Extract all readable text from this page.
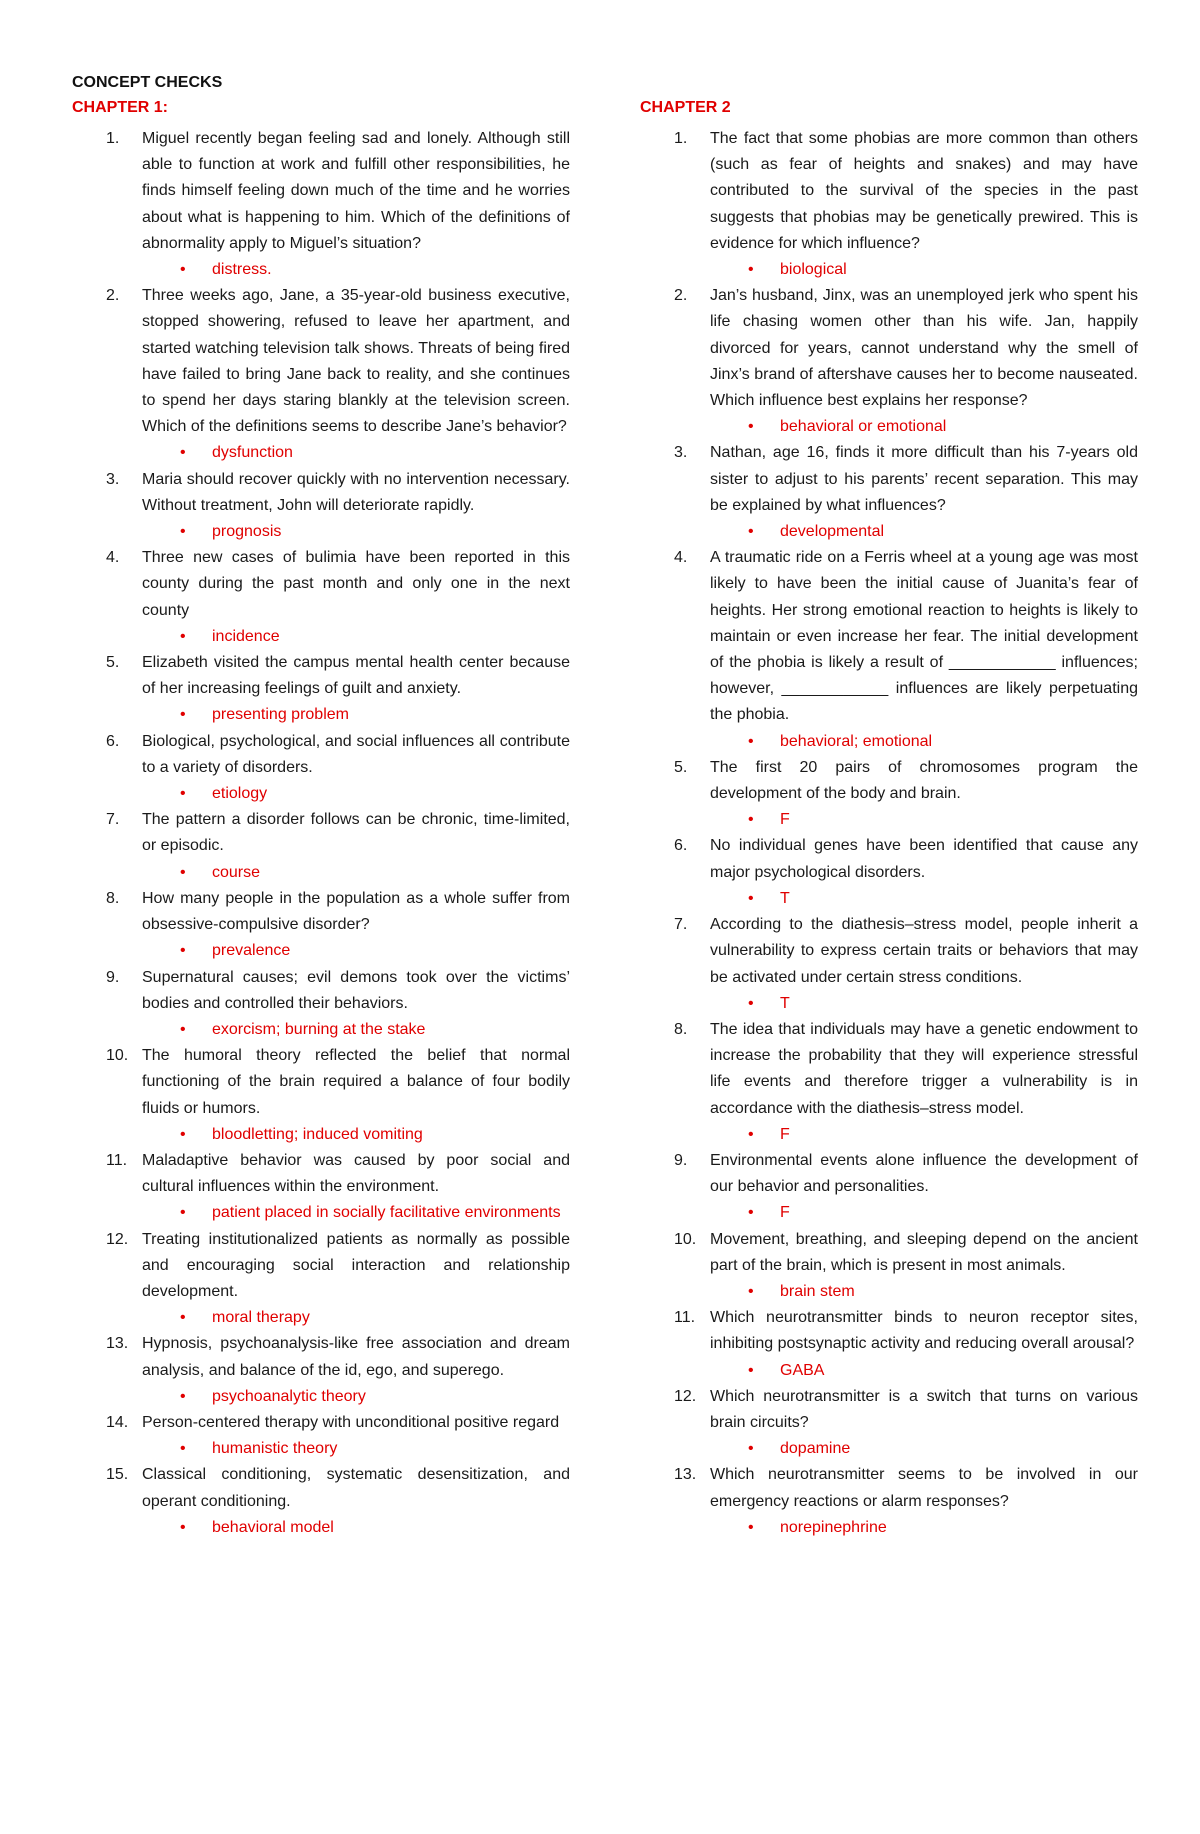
CONCEPT CHECKS
CHAPTER 1:
1.	Miguel recently began feeling sad and lonely. Although still able to function at work and fulfill other responsibilities, he finds himself feeling down much of the time and he worries about what is happening to him. Which of the definitions of abnormality apply to Miguel’s situation?
• distress.
2.	Three weeks ago, Jane, a 35-year-old business executive, stopped showering, refused to leave her apartment, and started watching television talk shows. Threats of being fired have failed to bring Jane back to reality, and she continues to spend her days staring blankly at the television screen. Which of the definitions seems to describe Jane’s behavior?
• dysfunction
3.	Maria should recover quickly with no intervention necessary. Without treatment, John will deteriorate rapidly.
• prognosis
4.	Three new cases of bulimia have been reported in this county during the past month and only one in the next county
• incidence
5.	Elizabeth visited the campus mental health center because of her increasing feelings of guilt and anxiety.
• presenting problem
6.	Biological, psychological, and social influences all contribute to a variety of disorders.
• etiology
7.	The pattern a disorder follows can be chronic, time-limited, or episodic.
• course
8.	How many people in the population as a whole suffer from obsessive-compulsive disorder?
• prevalence
9.	Supernatural causes; evil demons took over the victims’ bodies and controlled their behaviors.
• exorcism; burning at the stake
10. The humoral theory reflected the belief that normal functioning of the brain required a balance of four bodily fluids or humors.
• bloodletting; induced vomiting
11. Maladaptive behavior was caused by poor social and cultural influences within the environment.
• patient placed in socially facilitative environments
12. Treating institutionalized patients as normally as possible and encouraging social interaction and relationship development.
• moral therapy
13. Hypnosis, psychoanalysis-like free association and dream analysis, and balance of the id, ego, and superego.
• psychoanalytic theory
14. Person-centered therapy with unconditional positive regard
• humanistic theory
15. Classical conditioning, systematic desensitization, and operant conditioning.
• behavioral model
CHAPTER 2
1.	The fact that some phobias are more common than others (such as fear of heights and snakes) and may have contributed to the survival of the species in the past suggests that phobias may be genetically prewired. This is evidence for which influence?
• biological
2.	Jan’s husband, Jinx, was an unemployed jerk who spent his life chasing women other than his wife. Jan, happily divorced for years, cannot understand why the smell of Jinx’s brand of aftershave causes her to become nauseated. Which influence best explains her response?
• behavioral or emotional
3.	Nathan, age 16, finds it more difficult than his 7-years old sister to adjust to his parents’ recent separation. This may be explained by what influences?
• developmental
4.	A traumatic ride on a Ferris wheel at a young age was most likely to have been the initial cause of Juanita’s fear of heights. Her strong emotional reaction to heights is likely to maintain or even increase her fear. The initial development of the phobia is likely a result of ____________ influences; however, ____________ influences are likely perpetuating the phobia.
• behavioral; emotional
5.	The first 20 pairs of chromosomes program the development of the body and brain.
• F
6.	No individual genes have been identified that cause any major psychological disorders.
• T
7.	According to the diathesis–stress model, people inherit a vulnerability to express certain traits or behaviors that may be activated under certain stress conditions.
• T
8.	The idea that individuals may have a genetic endowment to increase the probability that they will experience stressful life events and therefore trigger a vulnerability is in accordance with the diathesis–stress model.
• F
9.	Environmental events alone influence the development of our behavior and personalities.
• F
10. Movement, breathing, and sleeping depend on the ancient part of the brain, which is present in most animals.
• brain stem
11. Which neurotransmitter binds to neuron receptor sites, inhibiting postsynaptic activity and reducing overall arousal?
• GABA
12. Which neurotransmitter is a switch that turns on various brain circuits?
• dopamine
13. Which neurotransmitter seems to be involved in our emergency reactions or alarm responses?
• norepinephrine
